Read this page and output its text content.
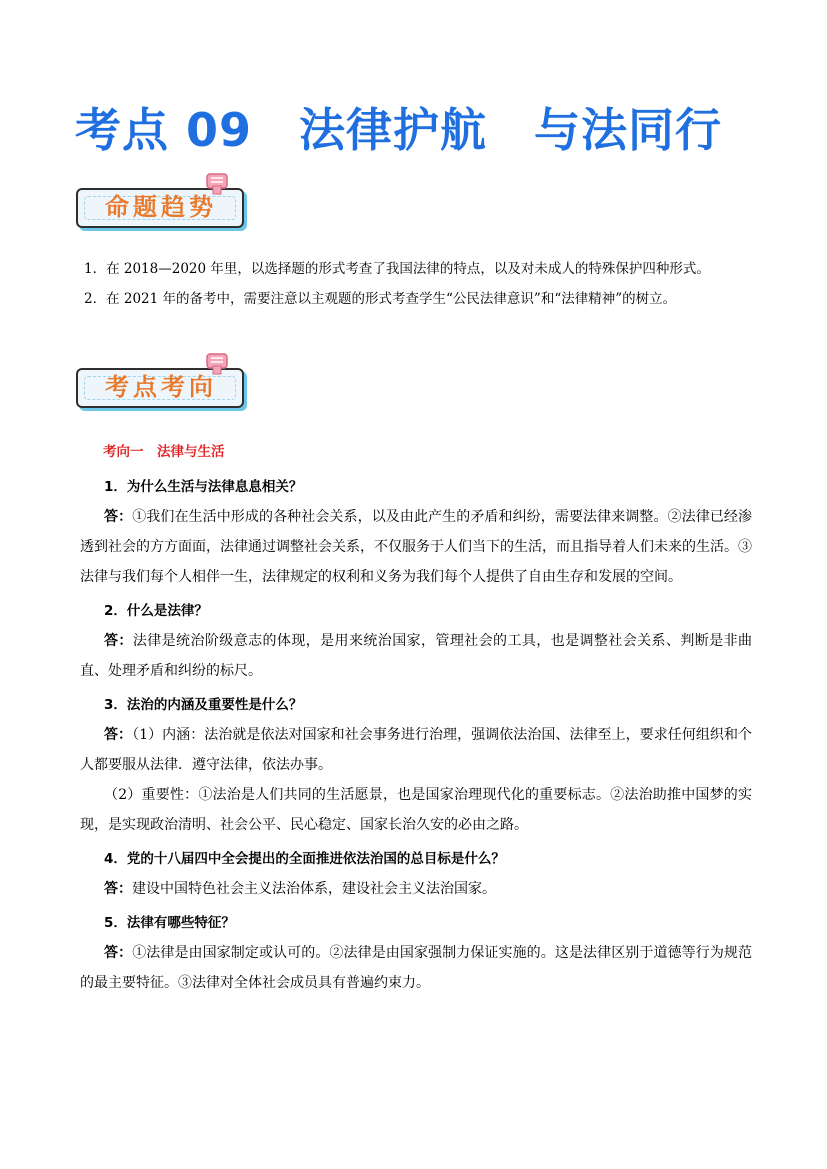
考点 09　法律护航　与法同行
命题趋势

1．在 2018—2020 年里，以选择题的形式考查了我国法律的特点，以及对未成人的特殊保护四种形式。

2．在 2021 年的备考中，需要注意以主观题的形式考查学生“公民法律意识”和“法律精神”的树立。

考点考向
考向一　法律与生活
1．为什么生活与法律息息相关？
答：①我们在生活中形成的各种社会关系，以及由此产生的矛盾和纠纷，需要法律来调整。②法律已经渗透到社会的方方面面，法律通过调整社会关系，不仅服务于人们当下的生活，而且指导着人们未来的生活。③法律与我们每个人相伴一生，法律规定的权利和义务为我们每个人提供了自由生存和发展的空间。
2．什么是法律？
答：法律是统治阶级意志的体现，是用来统治国家，管理社会的工具，也是调整社会关系、判断是非曲直、处理矛盾和纠纷的标尺。
3．法治的内涵及重要性是什么？
答：（1）内涵：法治就是依法对国家和社会事务进行治理，强调依法治国、法律至上，要求任何组织和个人都要服从法律．遵守法律，依法办事。
（2）重要性：①法治是人们共同的生活愿景，也是国家治理现代化的重要标志。②法治助推中国梦的实现，是实现政治清明、社会公平、民心稳定、国家长治久安的必由之路。
4．党的十八届四中全会提出的全面推进依法治国的总目标是什么？
答：建设中国特色社会主义法治体系，建设社会主义法治国家。
5．法律有哪些特征？
答：①法律是由国家制定或认可的。②法律是由国家强制力保证实施的。这是法律区别于道德等行为规范的最主要特征。③法律对全体社会成员具有普遍约束力。
